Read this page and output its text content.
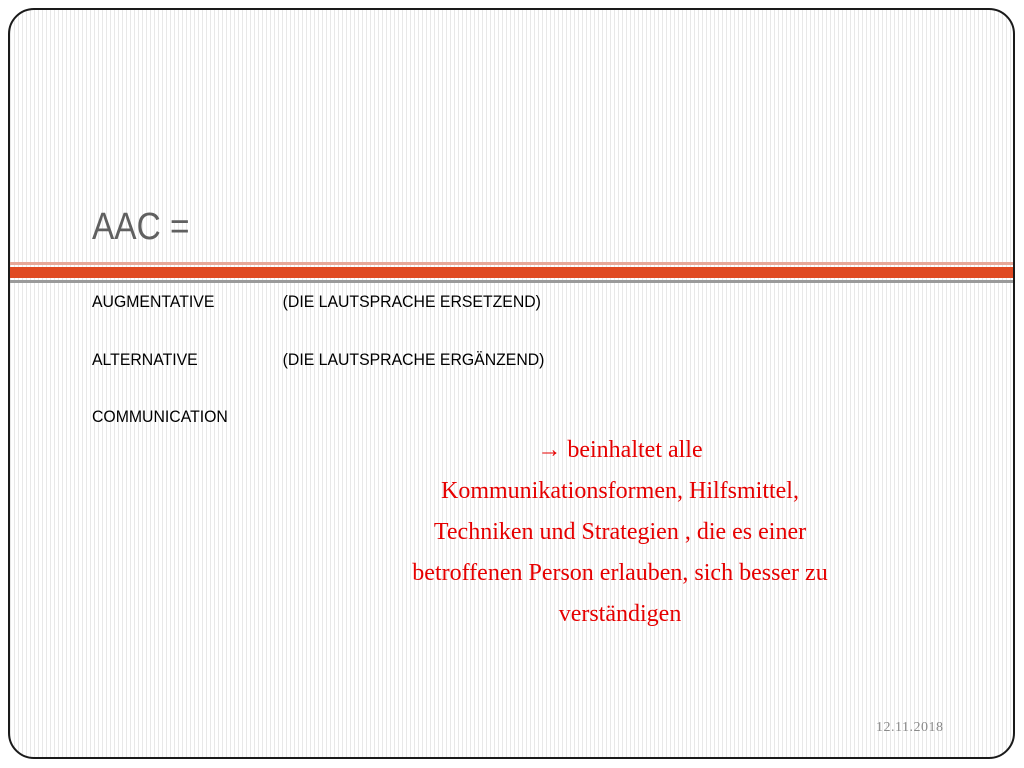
AAC =
AUGMENTATIVE	(DIE LAUTSPRACHE ERSETZEND)
ALTERNATIVE	(DIE LAUTSPRACHE ERGÄNZEND)
COMMUNICATION
→ beinhaltet alle
Kommunikationsformen, Hilfsmittel,
Techniken und Strategien , die es einer
betroffenen Person erlauben, sich besser zu
verständigen
12.11.2018
